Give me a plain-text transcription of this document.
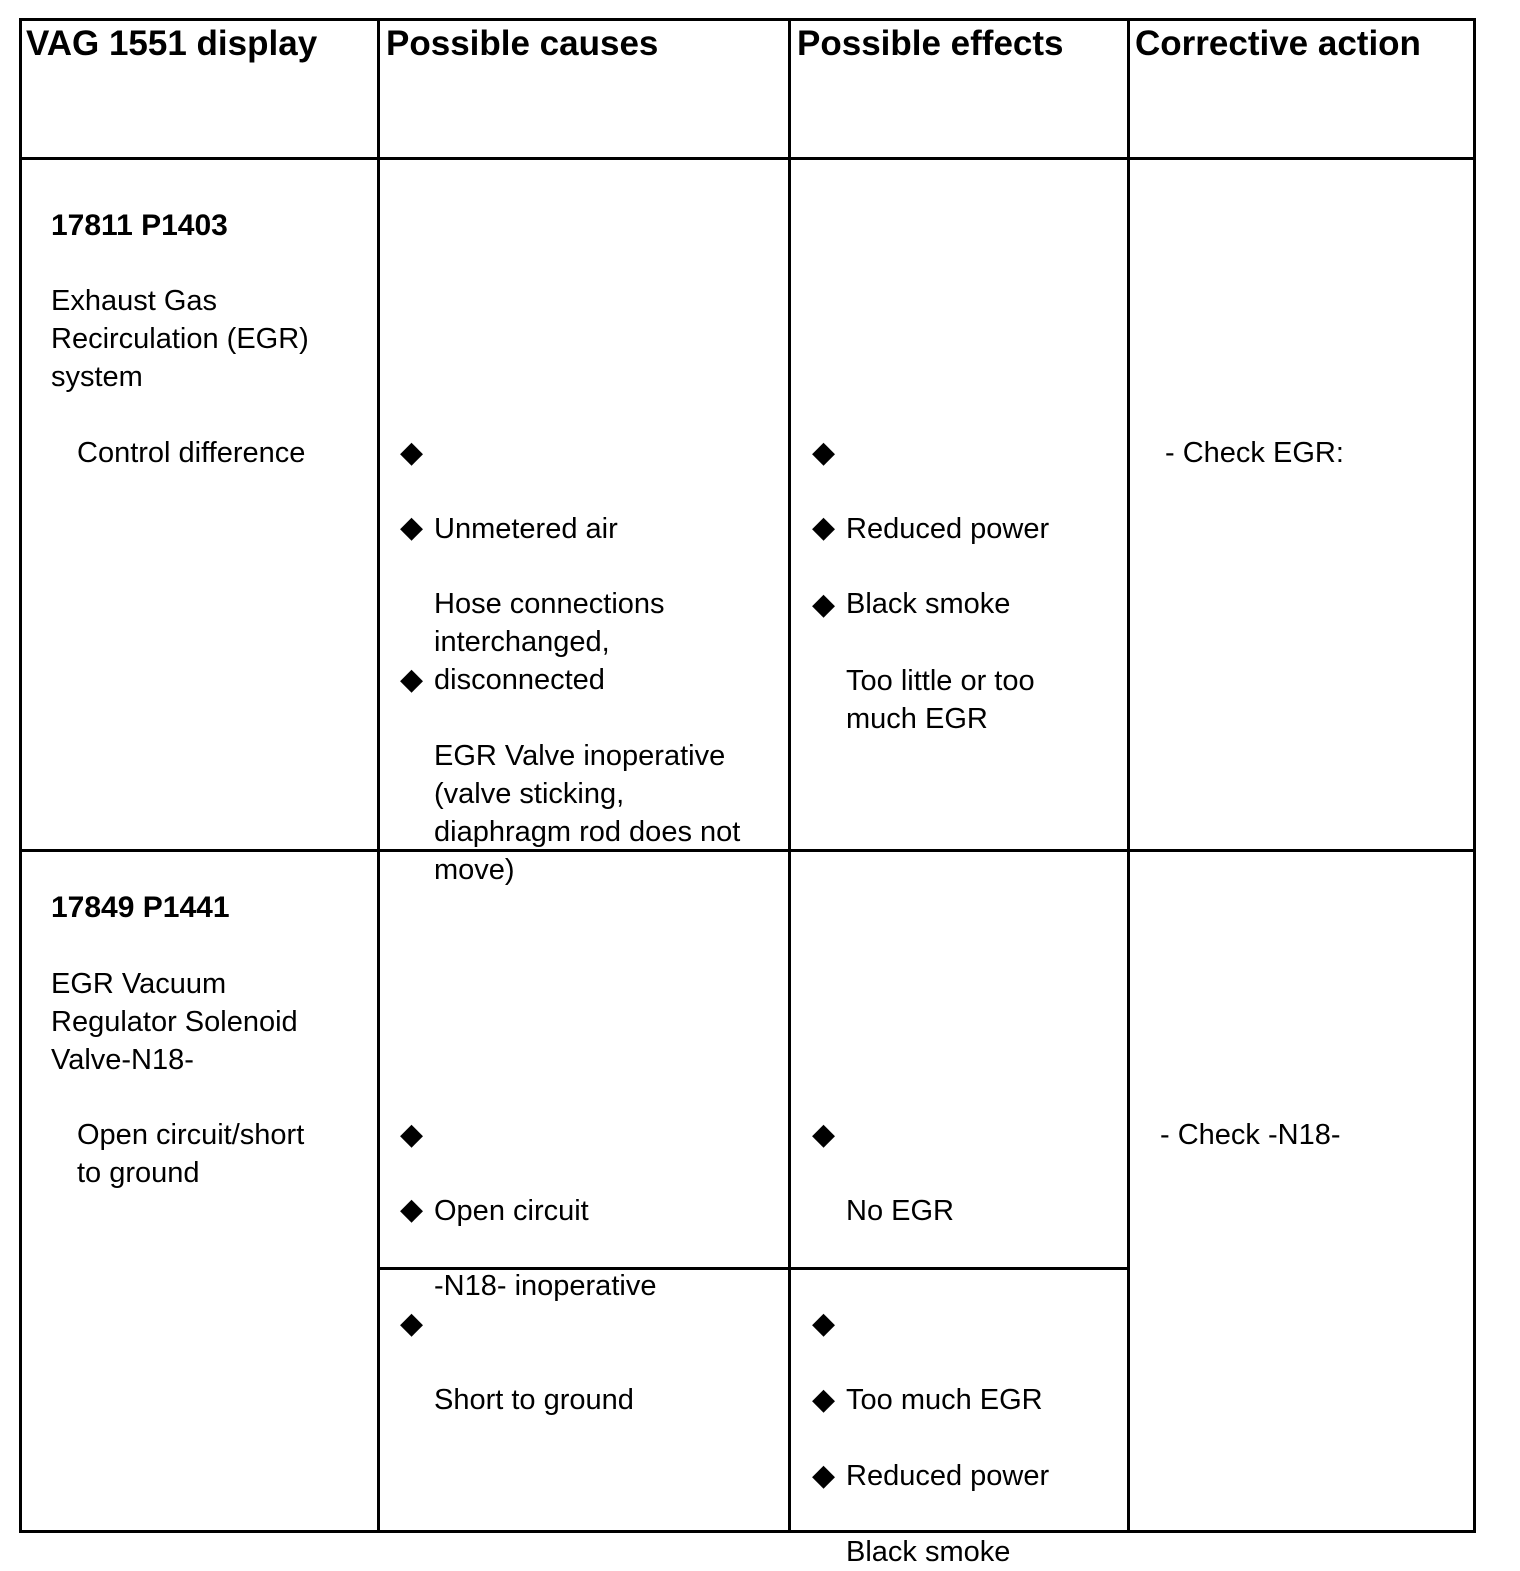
VAG 1551 display Possible causes	Possible effects Corrective action
17811 P1403
Exhaust Gas
Recirculation (EGR)
system
Control difference	◆

Unmetered air

◆

Hose connections
interchanged,
disconnected

◆

EGR Valve inoperative
(valve sticking,
diaphragm rod does not
move)

◆

Reduced power

◆

Black smoke

◆

Too little or too
much EGR

- Check EGR:
17849 P1441
EGR Vacuum
Regulator Solenoid
Valve-N18-
Open circuit/short
to ground

◆

Open circuit

◆

-N18- inoperative

◆

No EGR

◆

Short to ground

◆

Too much EGR

◆

Reduced power

◆

Black smoke

- Check -N18-
